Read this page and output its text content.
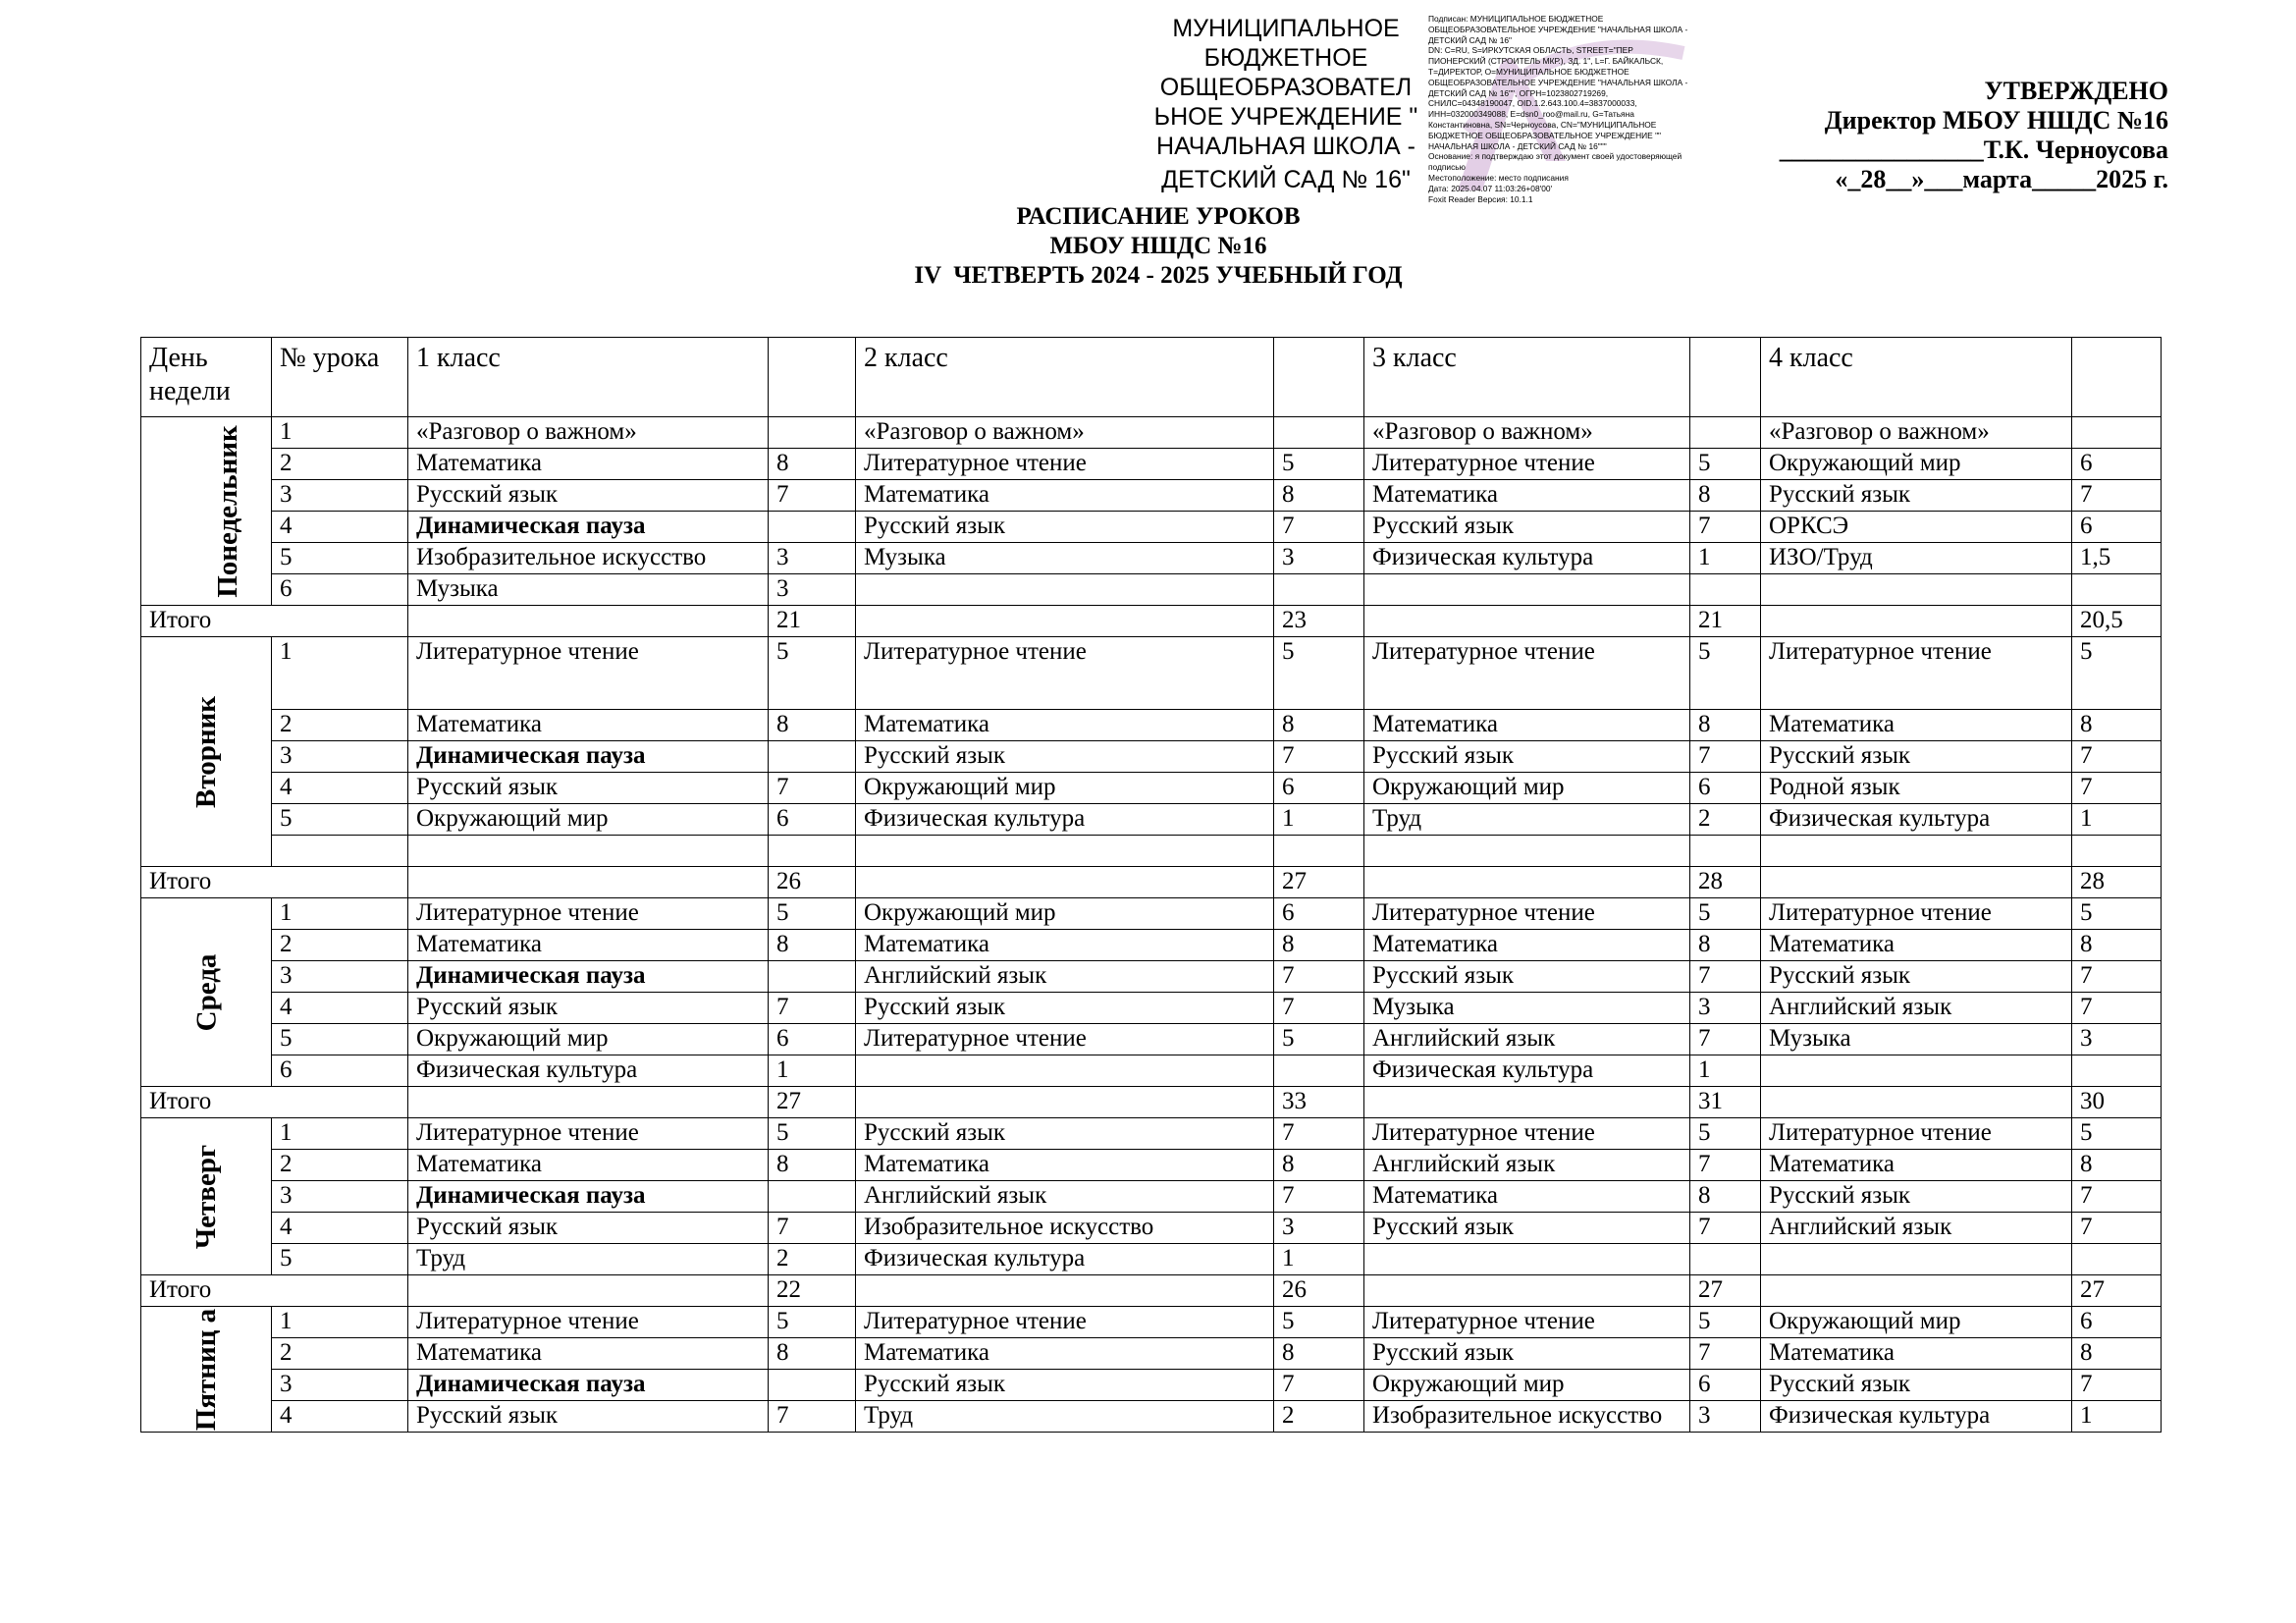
МУНИЦИПАЛЬНОЕ
БЮДЖЕТНОЕ
ОБЩЕОБРАЗОВАТЕЛ
ЬНОЕ УЧРЕЖДЕНИЕ "
НАЧАЛЬНАЯ ШКОЛА -
ДЕТСКИЙ САД № 16"
Подписан: МУНИЦИПАЛЬНОЕ БЮДЖЕТНОЕ
ОБЩЕОБРАЗОВАТЕЛЬНОЕ УЧРЕЖДЕНИЕ "НАЧАЛЬНАЯ ШКОЛА -
ДЕТСКИЙ САД № 16"
DN: C=RU, S=ИРКУТСКАЯ ОБЛАСТЬ, STREET="ПЕР
ПИОНЕРСКИЙ (СТРОИТЕЛЬ МКР.), ЗД. 1", L=Г. БАЙКАЛЬСК,
T=ДИРЕКТОР, O=МУНИЦИПАЛЬНОЕ БЮДЖЕТНОЕ
ОБЩЕОБРАЗОВАТЕЛЬНОЕ УЧРЕЖДЕНИЕ "НАЧАЛЬНАЯ ШКОЛА -
ДЕТСКИЙ САД № 16"", ОГРН=1023802719269,
СНИЛС=04348190047, OID.1.2.643.100.4=3837000033,
ИНН=032000349088, E=dsn0_roo@mail.ru, G=Татьяна
Константиновна, SN=Черноусова, CN="МУНИЦИПАЛЬНОЕ
БЮДЖЕТНОЕ ОБЩЕОБРАЗОВАТЕЛЬНОЕ УЧРЕЖДЕНИЕ ""
НАЧАЛЬНАЯ ШКОЛА - ДЕТСКИЙ САД № 16"""
Основание: я подтверждаю этот документ своей удостоверяющей
подписью
Местоположение: место подписания
Дата: 2025.04.07 11:03:26+08'00'
Foxit Reader Версия: 10.1.1
УТВЕРЖДЕНО
Директор МБОУ НШДС №16
________________Т.К. Черноусова
«_28__»___марта_____2025 г.
РАСПИСАНИЕ УРОКОВ
МБОУ НШДС №16
IV  ЧЕТВЕРТЬ 2024 - 2025 УЧЕБНЫЙ ГОД
День недели	№ урока	1 класс		2 класс		3 класс		4 класс	
Понедельник	1	«Разговор о важном»		«Разговор о важном»		«Разговор о важном»		«Разговор о важном»	
	2	Математика	8	Литературное чтение	5	Литературное чтение	5	Окружающий мир	6
	3	Русский язык	7	Математика	8	Математика	8	Русский язык	7
	4	Динамическая пауза		Русский язык	7	Русский язык	7	ОРКСЭ	6
	5	Изобразительное искусство	3	Музыка	3	Физическая культура	1	ИЗО/Труд	1,5
	6	Музыка	3						
Итого			21		23		21		20,5
Вторник	1	Литературное чтение	5	Литературное чтение	5	Литературное чтение	5	Литературное чтение	5
	2	Математика	8	Математика	8	Математика	8	Математика	8
	3	Динамическая пауза		Русский язык	7	Русский язык	7	Русский язык	7
	4	Русский язык	7	Окружающий мир	6	Окружающий мир	6	Родной язык	7
	5	Окружающий мир	6	Физическая культура	1	Труд	2	Физическая культура	1

Итого			26		27		28		28
Среда	1	Литературное чтение	5	Окружающий мир	6	Литературное чтение	5	Литературное чтение	5
	2	Математика	8	Математика	8	Математика	8	Математика	8
	3	Динамическая пауза		Английский язык	7	Русский язык	7	Русский язык	7
	4	Русский язык	7	Русский язык	7	Музыка	3	Английский язык	7
	5	Окружающий мир	6	Литературное чтение	5	Английский язык	7	Музыка	3
	6	Физическая культура	1			Физическая культура	1		
Итого			27		33		31		30
Четверг	1	Литературное чтение	5	Русский язык	7	Литературное чтение	5	Литературное чтение	5
	2	Математика	8	Математика	8	Английский язык	7	Математика	8
	3	Динамическая пауза		Английский язык	7	Математика	8	Русский язык	7
	4	Русский язык	7	Изобразительное искусство	3	Русский язык	7	Английский язык	7
	5	Труд	2	Физическая культура	1				
Итого			22		26		27		27
Пятниц а	1	Литературное чтение	5	Литературное чтение	5	Литературное чтение	5	Окружающий мир	6
	2	Математика	8	Математика	8	Русский язык	7	Математика	8
	3	Динамическая пауза		Русский язык	7	Окружающий мир	6	Русский язык	7
	4	Русский язык	7	Труд	2	Изобразительное искусство	3	Физическая культура	1
